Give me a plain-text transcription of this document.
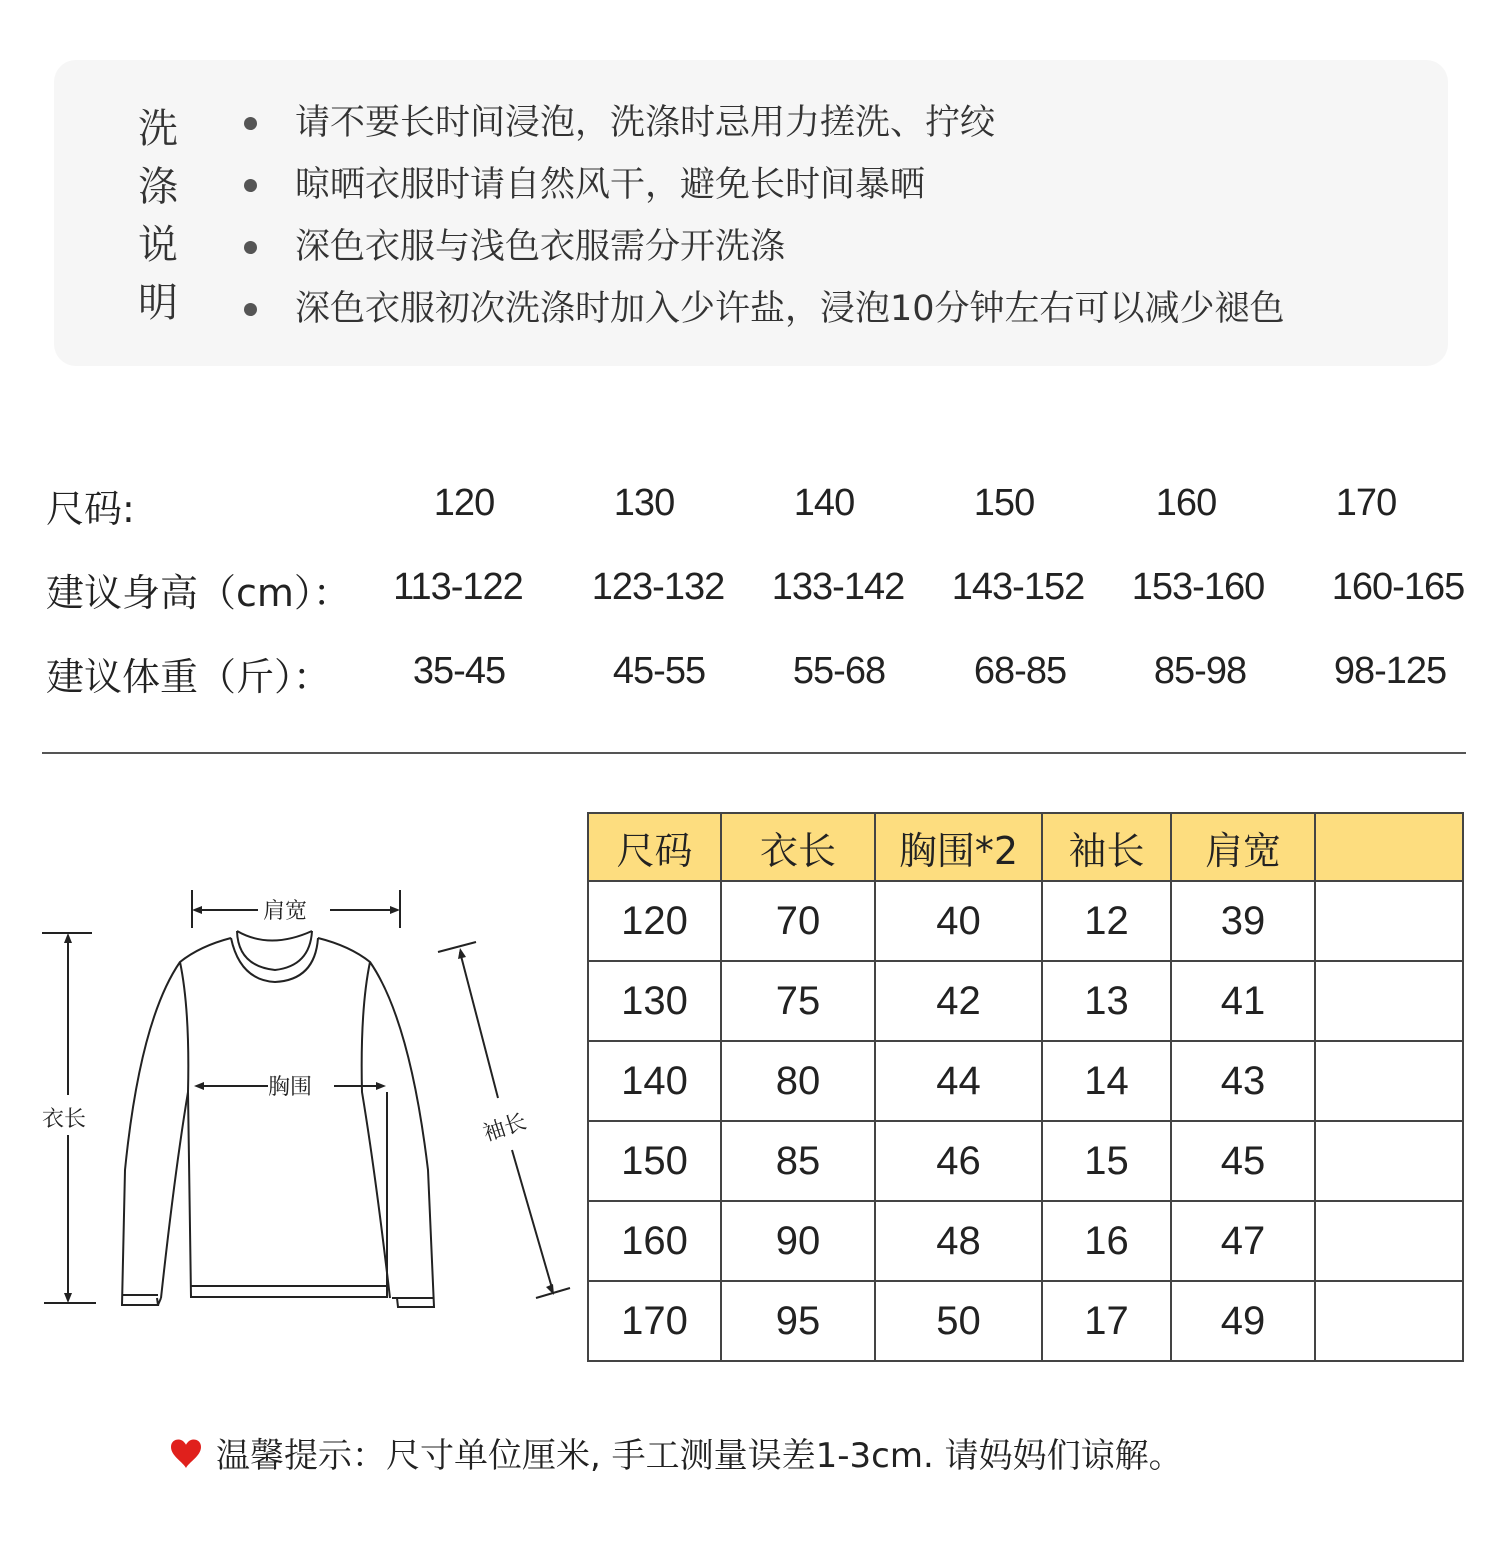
洗
涤
说
明
请不要长时间浸泡，洗涤时忌用力搓洗、拧绞
晾晒衣服时请自然风干，避免长时间暴晒
深色衣服与浅色衣服需分开洗涤
深色衣服初次洗涤时加入少许盐，浸泡10分钟左右可以减少褪色
尺码:	120	130	140	150	160	170
建议身高（cm）：	113-122	123-132	133-142	143-152	153-160	160-165
建议体重（斤）：	35-45	45-55	55-68	68-85	85-98	98-125
肩宽
胸围
衣长	袖长
尺码	衣长	胸围*2	袖长	肩宽	
120	70	40	12	39	
130	75	42	13	41	
140	80	44	14	43	
150	85	46	15	45	
160	90	48	16	47	
170	95	50	17	49	
温馨提示：尺寸单位厘米, 手工测量误差1-3cm. 请妈妈们谅解。
